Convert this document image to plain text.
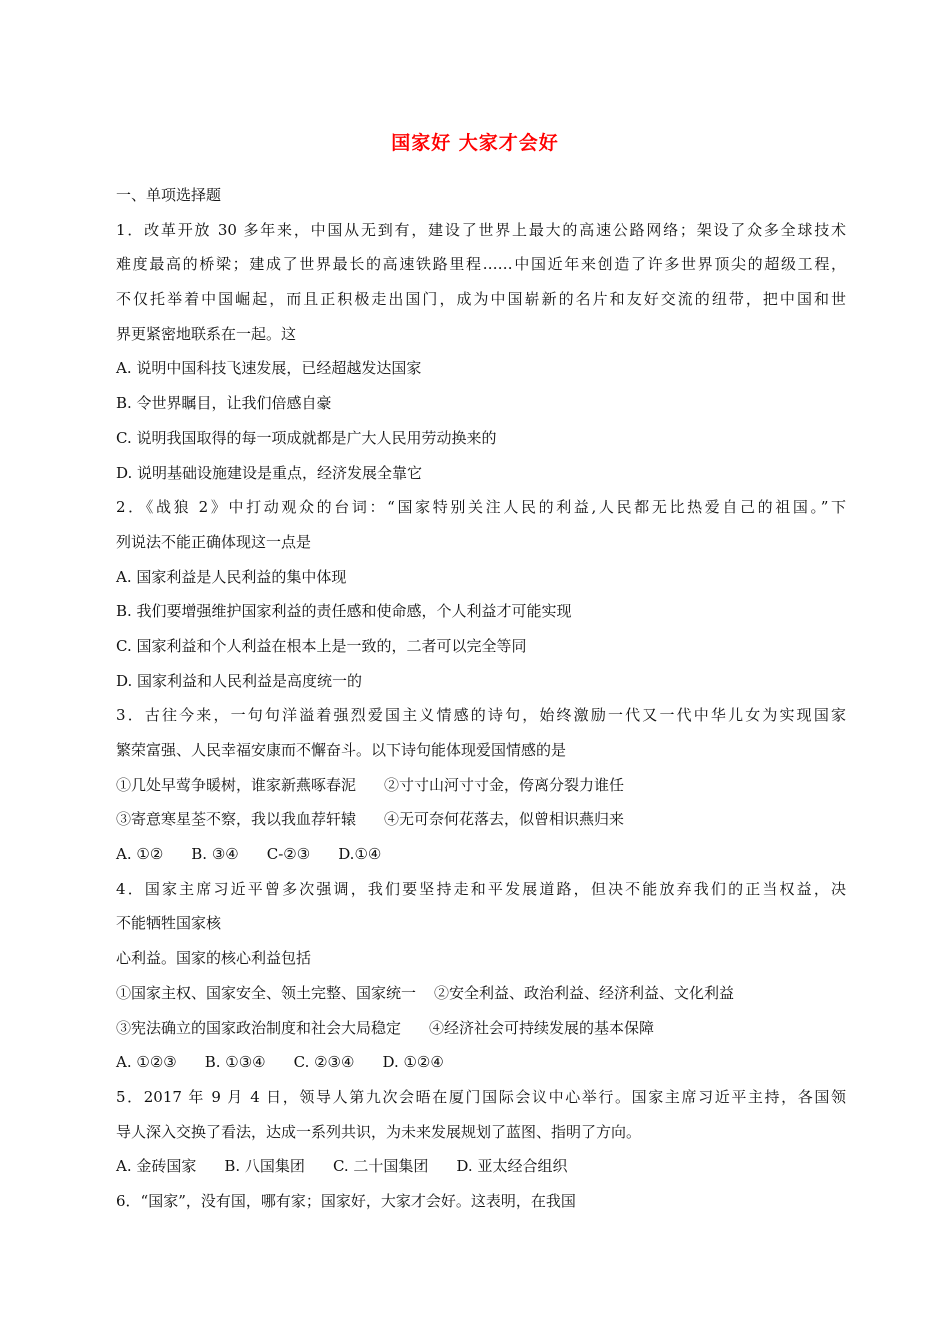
国家好 大家才会好
一、单项选择题
1．改革开放 30 多年来，中国从无到有，建设了世界上最大的高速公路网络；架设了众多全球技术
难度最高的桥梁；建成了世界最长的高速铁路里程……中国近年来创造了许多世界顶尖的超级工程，
不仅托举着中国崛起，而且正积极走出国门，成为中国崭新的名片和友好交流的纽带，把中国和世
界更紧密地联系在一起。这
A. 说明中国科技飞速发展，已经超越发达国家
B. 令世界瞩目，让我们倍感自豪
C. 说明我国取得的每一项成就都是广大人民用劳动换来的
D. 说明基础设施建设是重点，经济发展全靠它
2．《战狼 2》中打动观众的台词：“国家特别关注人民的利益,人民都无比热爱自己的祖国。”下
列说法不能正确体现这一点是
A. 国家利益是人民利益的集中体现
B. 我们要增强维护国家利益的责任感和使命感，个人利益才可能实现
C. 国家利益和个人利益在根本上是一致的，二者可以完全等同
D. 国家利益和人民利益是高度统一的
3．古往今来，一句句洋溢着强烈爱国主义情感的诗句，始终激励一代又一代中华儿女为实现国家
繁荣富强、人民幸福安康而不懈奋斗。以下诗句能体现爱国情感的是
①几处早莺争暖树，谁家新燕啄春泥 ②寸寸山河寸寸金，侉离分裂力谁任
③寄意寒星荃不察，我以我血荐轩辕 ④无可奈何花落去，似曾相识燕归来
A. ①② B. ③④ C-②③ D.①④
4．国家主席习近平曾多次强调，我们要坚持走和平发展道路，但决不能放弃我们的正当权益，决
不能牺牲国家核
心利益。国家的核心利益包括
①国家主权、国家安全、领土完整、国家统一 ②安全利益、政治利益、经济利益、文化利益
③宪法确立的国家政治制度和社会大局稳定 ④经济社会可持续发展的基本保障
A. ①②③ B. ①③④ C. ②③④ D. ①②④
5．2017 年 9 月 4 日，领导人第九次会晤在厦门国际会议中心举行。国家主席习近平主持，各国领
导人深入交换了看法，达成一系列共识，为未来发展规划了蓝图、指明了方向。
A. 金砖国家 B. 八国集团 C. 二十国集团 D. 亚太经合组织
6．“国家”，没有国，哪有家；国家好，大家才会好。这表明，在我国
